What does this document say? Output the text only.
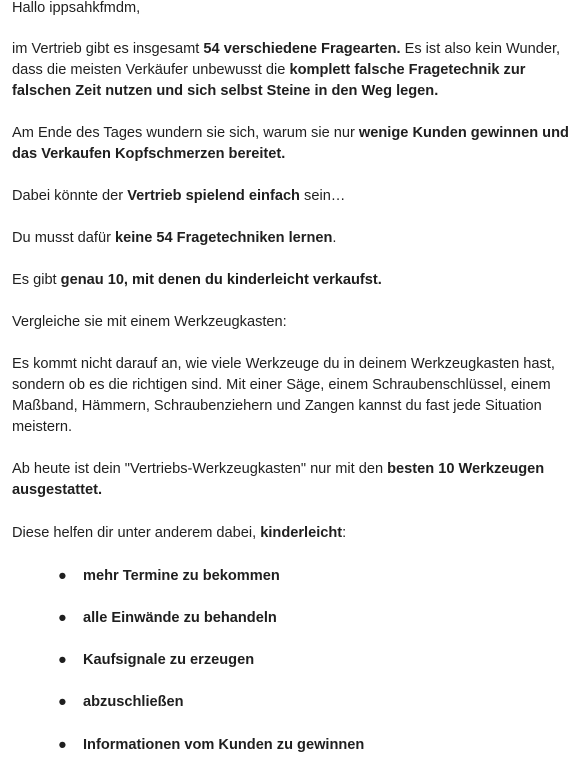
Hallo ippsahkfmdm,

im Vertrieb gibt es insgesamt 54 verschiedene Fragearten. Es ist also kein Wunder, dass die meisten Verkäufer unbewusst die komplett falsche Fragetechnik zur falschen Zeit nutzen und sich selbst Steine in den Weg legen.

Am Ende des Tages wundern sie sich, warum sie nur wenige Kunden gewinnen und das Verkaufen Kopfschmerzen bereitet.

Dabei könnte der Vertrieb spielend einfach sein…

Du musst dafür keine 54 Fragetechniken lernen.

Es gibt genau 10, mit denen du kinderleicht verkaufst.

Vergleiche sie mit einem Werkzeugkasten:

Es kommt nicht darauf an, wie viele Werkzeuge du in deinem Werkzeugkasten hast, sondern ob es die richtigen sind. Mit einer Säge, einem Schraubenschlüssel, einem Maßband, Hämmern, Schraubenziehern und Zangen kannst du fast jede Situation meistern.

Ab heute ist dein "Vertriebs-Werkzeugkasten" nur mit den besten 10 Werkzeugen ausgestattet.

Diese helfen dir unter anderem dabei, kinderleicht:

● mehr Termine zu bekommen
● alle Einwände zu behandeln
● Kaufsignale zu erzeugen
● abzuschließen
● Informationen vom Kunden zu gewinnen
